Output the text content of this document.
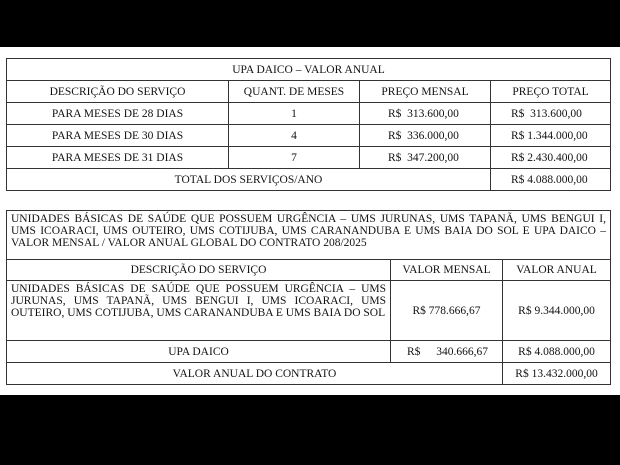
UPA DAICO – VALOR ANUAL			
DESCRIÇÃO DO SERVIÇO	QUANT. DE MESES	PREÇO MENSAL	PREÇO TOTAL
PARA MESES DE 28 DIAS	1	R$  313.600,00	R$  313.600,00
PARA MESES DE 30 DIAS	4	R$  336.000,00	R$ 1.344.000,00
PARA MESES DE 31 DIAS	7	R$  347.200,00	R$ 2.430.400,00
TOTAL DOS SERVIÇOS/ANO			R$ 4.088.000,00
UNIDADES BÁSICAS DE SAÚDE QUE POSSUEM URGÊNCIA – UMS JURUNAS, UMS TAPANÃ, UMS BENGUI I, UMS ICOARACI, UMS OUTEIRO, UMS COTIJUBA, UMS CARANANDUBA E UMS BAIA DO SOL E UPA DAICO – VALOR MENSAL / VALOR ANUAL GLOBAL DO CONTRATO 208/2025		
DESCRIÇÃO DO SERVIÇO	VALOR MENSAL	VALOR ANUAL
UNIDADES BÁSICAS DE SAÚDE QUE POSSUEM URGÊNCIA – UMS JURUNAS, UMS TAPANÃ, UMS BENGUI I, UMS ICOARACI, UMS OUTEIRO, UMS COTIJUBA, UMS CARANANDUBA E UMS BAIA DO SOL	R$ 778.666,67	R$ 9.344.000,00
UPA DAICO	R$ 340.666,67	R$ 4.088.000,00
VALOR ANUAL DO CONTRATO		R$ 13.432.000,00
